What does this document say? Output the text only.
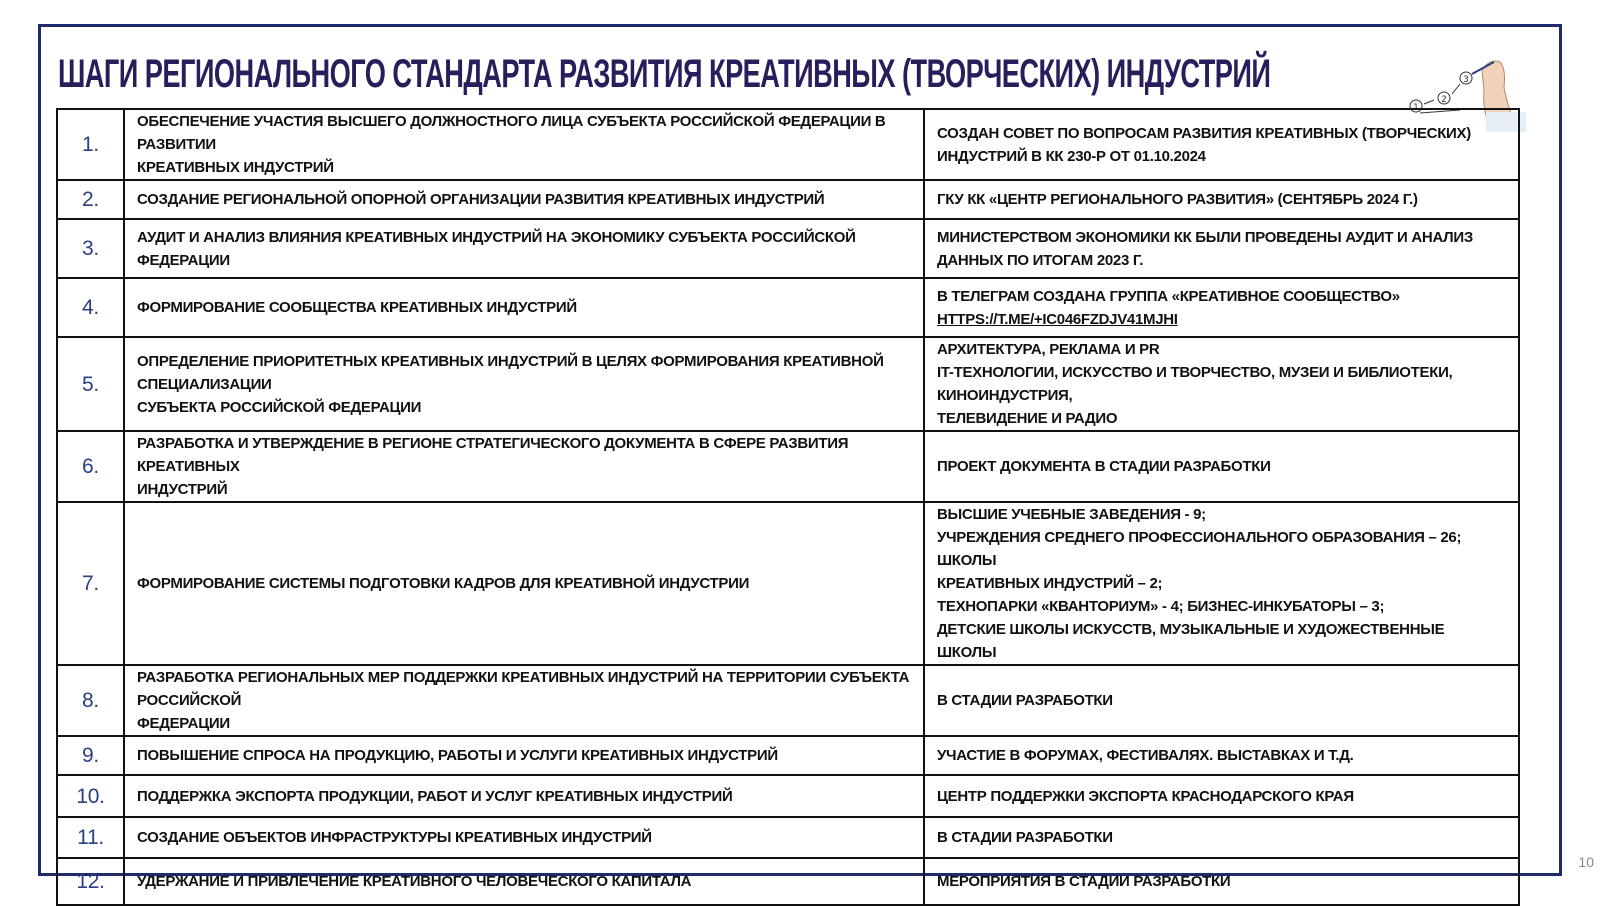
ШАГИ РЕГИОНАЛЬНОГО СТАНДАРТА РАЗВИТИЯ КРЕАТИВНЫХ (ТВОРЧЕСКИХ) ИНДУСТРИЙ
1
2
3
1.	ОБЕСПЕЧЕНИЕ УЧАСТИЯ ВЫСШЕГО ДОЛЖНОСТНОГО ЛИЦА СУБЪЕКТА РОССИЙСКОЙ ФЕДЕРАЦИИ В РАЗВИТИИ
КРЕАТИВНЫХ ИНДУСТРИЙ	СОЗДАН СОВЕТ ПО ВОПРОСАМ РАЗВИТИЯ КРЕАТИВНЫХ (ТВОРЧЕСКИХ)
ИНДУСТРИЙ В КК 230-Р ОТ 01.10.2024

2.	СОЗДАНИЕ РЕГИОНАЛЬНОЙ ОПОРНОЙ ОРГАНИЗАЦИИ РАЗВИТИЯ КРЕАТИВНЫХ ИНДУСТРИЙ	ГКУ КК «ЦЕНТР РЕГИОНАЛЬНОГО РАЗВИТИЯ» (СЕНТЯБРЬ 2024 Г.)

3.	АУДИТ И АНАЛИЗ ВЛИЯНИЯ КРЕАТИВНЫХ ИНДУСТРИЙ НА ЭКОНОМИКУ СУБЪЕКТА РОССИЙСКОЙ ФЕДЕРАЦИИ	МИНИСТЕРСТВОМ ЭКОНОМИКИ КК БЫЛИ ПРОВЕДЕНЫ АУДИТ И АНАЛИЗ
ДАННЫХ ПО ИТОГАМ 2023 Г.

4.	ФОРМИРОВАНИЕ СООБЩЕСТВА КРЕАТИВНЫХ ИНДУСТРИЙ	В ТЕЛЕГРАМ СОЗДАНА ГРУППА «КРЕАТИВНОЕ СООБЩЕСТВО»
HTTPS://T.ME/+IC046FZDJV41MJHI

5.	ОПРЕДЕЛЕНИЕ ПРИОРИТЕТНЫХ КРЕАТИВНЫХ ИНДУСТРИЙ В ЦЕЛЯХ ФОРМИРОВАНИЯ КРЕАТИВНОЙ СПЕЦИАЛИЗАЦИИ
СУБЪЕКТА РОССИЙСКОЙ ФЕДЕРАЦИИ	АРХИТЕКТУРА, РЕКЛАМА И PR
IT-ТЕХНОЛОГИИ, ИСКУССТВО И ТВОРЧЕСТВО, МУЗЕИ И БИБЛИОТЕКИ, КИНОИНДУСТРИЯ,
ТЕЛЕВИДЕНИЕ И РАДИО

6.	РАЗРАБОТКА И УТВЕРЖДЕНИЕ В РЕГИОНЕ СТРАТЕГИЧЕСКОГО ДОКУМЕНТА В СФЕРЕ РАЗВИТИЯ КРЕАТИВНЫХ
ИНДУСТРИЙ	ПРОЕКТ ДОКУМЕНТА В СТАДИИ РАЗРАБОТКИ

7.	ФОРМИРОВАНИЕ СИСТЕМЫ ПОДГОТОВКИ КАДРОВ ДЛЯ КРЕАТИВНОЙ ИНДУСТРИИ	ВЫСШИЕ УЧЕБНЫЕ ЗАВЕДЕНИЯ - 9;
УЧРЕЖДЕНИЯ СРЕДНЕГО ПРОФЕССИОНАЛЬНОГО ОБРАЗОВАНИЯ – 26; ШКОЛЫ
КРЕАТИВНЫХ ИНДУСТРИЙ – 2;
ТЕХНОПАРКИ «КВАНТОРИУМ» - 4; БИЗНЕС-ИНКУБАТОРЫ – 3;
ДЕТСКИЕ ШКОЛЫ ИСКУССТВ, МУЗЫКАЛЬНЫЕ И ХУДОЖЕСТВЕННЫЕ ШКОЛЫ

8.	РАЗРАБОТКА РЕГИОНАЛЬНЫХ МЕР ПОДДЕРЖКИ КРЕАТИВНЫХ ИНДУСТРИЙ НА ТЕРРИТОРИИ СУБЪЕКТА РОССИЙСКОЙ
ФЕДЕРАЦИИ	В СТАДИИ РАЗРАБОТКИ

9.	ПОВЫШЕНИЕ СПРОСА НА ПРОДУКЦИЮ, РАБОТЫ И УСЛУГИ КРЕАТИВНЫХ ИНДУСТРИЙ	УЧАСТИЕ В ФОРУМАХ, ФЕСТИВАЛЯХ. ВЫСТАВКАХ И Т.Д.

10.	ПОДДЕРЖКА ЭКСПОРТА ПРОДУКЦИИ, РАБОТ И УСЛУГ КРЕАТИВНЫХ ИНДУСТРИЙ	ЦЕНТР ПОДДЕРЖКИ ЭКСПОРТА КРАСНОДАРСКОГО КРАЯ

11.	СОЗДАНИЕ ОБЪЕКТОВ ИНФРАСТРУКТУРЫ КРЕАТИВНЫХ ИНДУСТРИЙ	В СТАДИИ РАЗРАБОТКИ

12.	УДЕРЖАНИЕ И ПРИВЛЕЧЕНИЕ КРЕАТИВНОГО ЧЕЛОВЕЧЕСКОГО КАПИТАЛА	МЕРОПРИЯТИЯ В СТАДИИ РАЗРАБОТКИ
10
